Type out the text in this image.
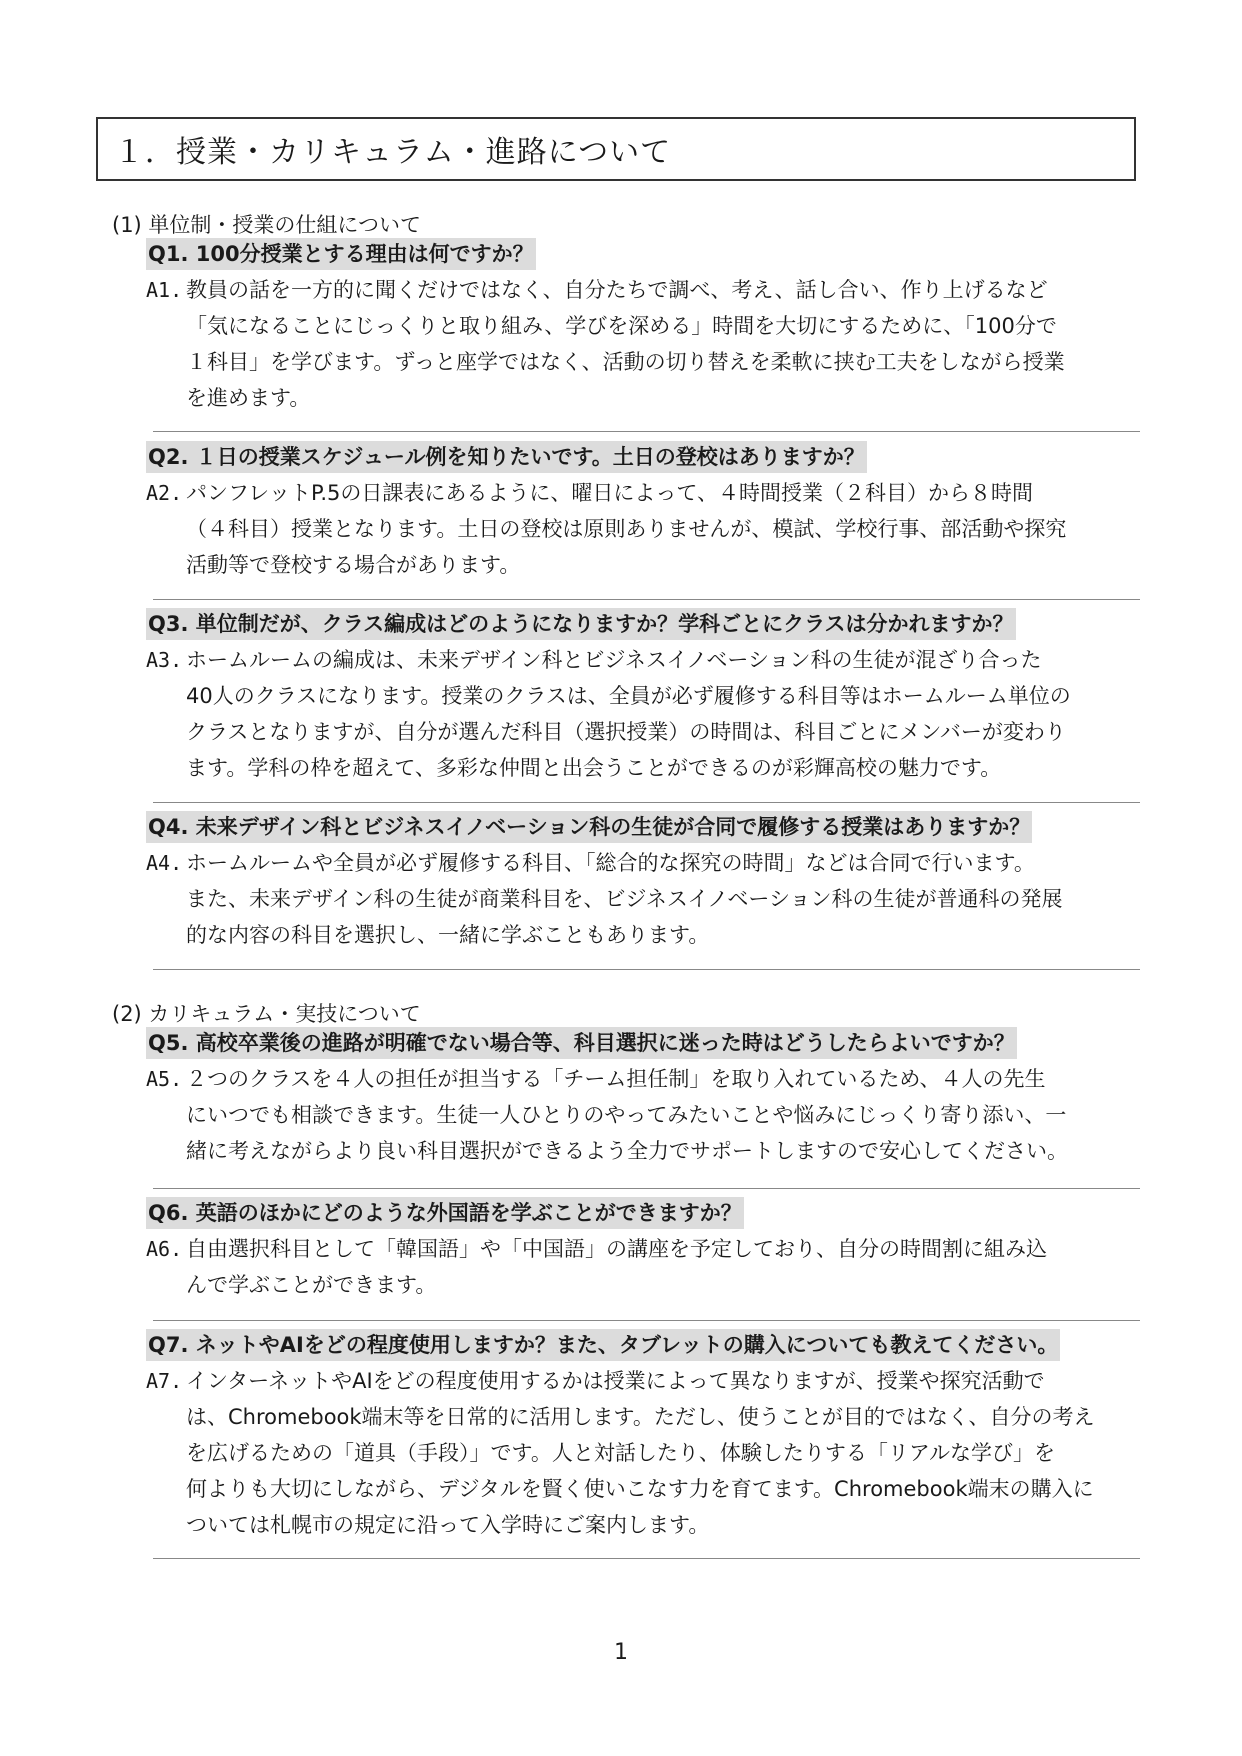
１．授業・カリキュラム・進路について
(1) 単位制・授業の仕組について
Q1. 100分授業とする理由は何ですか？
A1. 教員の話を一方的に聞くだけではなく、自分たちで調べ、考え、話し合い、作り上げるなど
「気になることにじっくりと取り組み、学びを深める」時間を大切にするために、「100分で
１科目」を学びます。ずっと座学ではなく、活動の切り替えを柔軟に挟む工夫をしながら授業
を進めます。
Q2. １日の授業スケジュール例を知りたいです。土日の登校はありますか？
A2. パンフレットP.5の日課表にあるように、曜日によって、４時間授業（２科目）から８時間
（４科目）授業となります。土日の登校は原則ありませんが、模試、学校行事、部活動や探究
活動等で登校する場合があります。
Q3. 単位制だが、クラス編成はどのようになりますか？学科ごとにクラスは分かれますか？
A3. ホームルームの編成は、未来デザイン科とビジネスイノベーション科の生徒が混ざり合った
40人のクラスになります。授業のクラスは、全員が必ず履修する科目等はホームルーム単位の
クラスとなりますが、自分が選んだ科目（選択授業）の時間は、科目ごとにメンバーが変わり
ます。学科の枠を超えて、多彩な仲間と出会うことができるのが彩輝高校の魅力です。
Q4. 未来デザイン科とビジネスイノベーション科の生徒が合同で履修する授業はありますか？
A4. ホームルームや全員が必ず履修する科目、「総合的な探究の時間」などは合同で行います。
また、未来デザイン科の生徒が商業科目を、ビジネスイノベーション科の生徒が普通科の発展
的な内容の科目を選択し、一緒に学ぶこともあります。
(2) カリキュラム・実技について
Q5. 高校卒業後の進路が明確でない場合等、科目選択に迷った時はどうしたらよいですか？
A5. ２つのクラスを４人の担任が担当する「チーム担任制」を取り入れているため、４人の先生
にいつでも相談できます。生徒一人ひとりのやってみたいことや悩みにじっくり寄り添い、一
緒に考えながらより良い科目選択ができるよう全力でサポートしますので安心してください。
Q6. 英語のほかにどのような外国語を学ぶことができますか？
A6. 自由選択科目として「韓国語」や「中国語」の講座を予定しており、自分の時間割に組み込
んで学ぶことができます。
Q7. ネットやAIをどの程度使用しますか？また、タブレットの購入についても教えてください。
A7. インターネットやAIをどの程度使用するかは授業によって異なりますが、授業や探究活動で
は、Chromebook端末等を日常的に活用します。ただし、使うことが目的ではなく、自分の考え
を広げるための「道具（手段）」です。人と対話したり、体験したりする「リアルな学び」を
何よりも大切にしながら、デジタルを賢く使いこなす力を育てます。Chromebook端末の購入に
ついては札幌市の規定に沿って入学時にご案内します。
1
